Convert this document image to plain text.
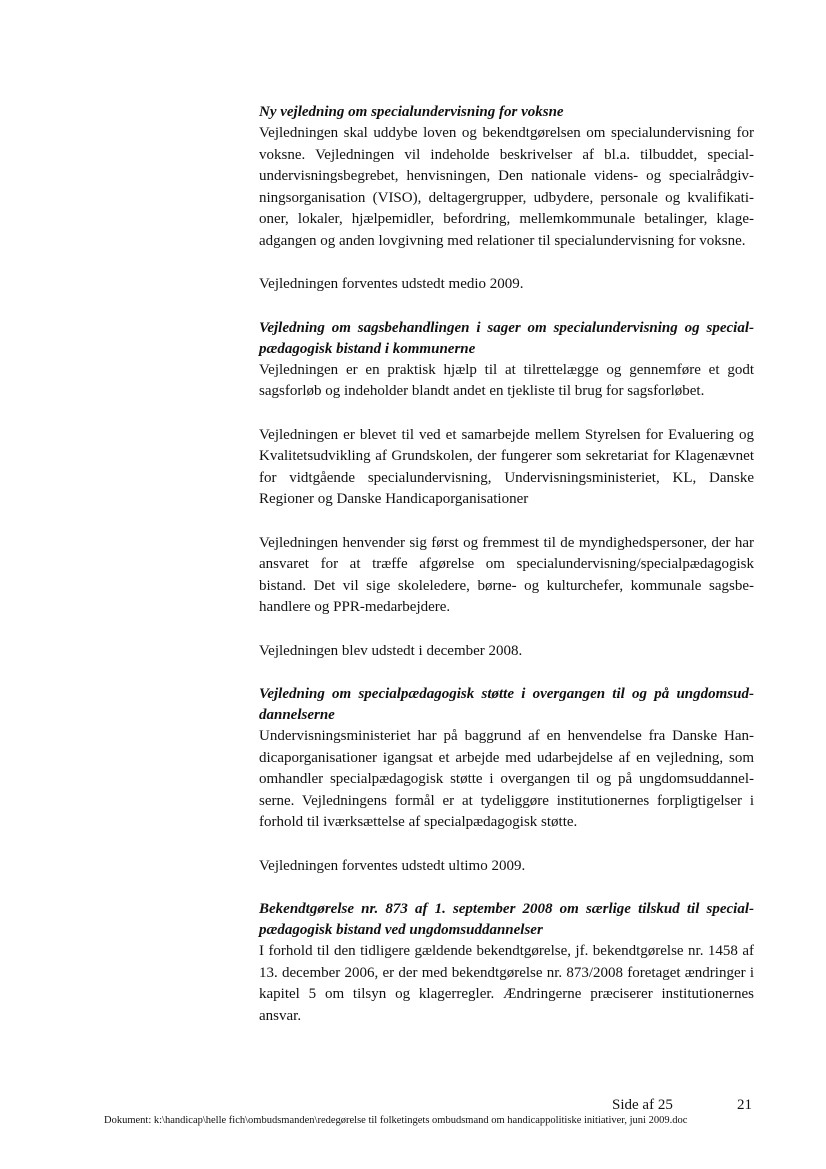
Ny vejledning om specialundervisning for voksne

Vejledningen skal uddybe loven og bekendtgørelsen om specialundervisning for voksne. Vejledningen vil indeholde beskrivelser af bl.a. tilbuddet, specialundervisningsbegrebet, henvisningen, Den nationale videns- og specialrådgivningsorganisation (VISO), deltagergrupper, udbydere, personale og kvalifikationer, lokaler, hjælpemidler, befordring, mellemkommunale betalinger, klageadgangen og anden lovgivning med relationer til specialundervisning for voksne.

Vejledningen forventes udstedt medio 2009.

Vejledning om sagsbehandlingen i sager om specialundervisning og specialpædagogisk bistand i kommunerne

Vejledningen er en praktisk hjælp til at tilrettelægge og gennemføre et godt sagsforløb og indeholder blandt andet en tjekliste til brug for sagsforløbet.

Vejledningen er blevet til ved et samarbejde mellem Styrelsen for Evaluering og Kvalitetsudvikling af Grundskolen, der fungerer som sekretariat for Klagenævnet for vidtgående specialundervisning, Undervisningsministeriet, KL, Danske Regioner og Danske Handicaporganisationer

Vejledningen henvender sig først og fremmest til de myndighedspersoner, der har ansvaret for at træffe afgørelse om specialundervisning/specialpædagogisk bistand. Det vil sige skoleledere, børne- og kulturchefer, kommunale sagsbehandlere og PPR-medarbejdere.

Vejledningen blev udstedt i december 2008.

Vejledning om specialpædagogisk støtte i overgangen til og på ungdomsuddannelserne

Undervisningsministeriet har på baggrund af en henvendelse fra Danske Handicaporganisationer igangsat et arbejde med udarbejdelse af en vejledning, som omhandler specialpædagogisk støtte i overgangen til og på ungdomsuddannelserne. Vejledningens formål er at tydeliggøre institutionernes forpligtigelser i forhold til iværksættelse af specialpædagogisk støtte.

Vejledningen forventes udstedt ultimo 2009.

Bekendtgørelse nr. 873 af 1. september 2008 om særlige tilskud til specialpædagogisk bistand ved ungdomsuddannelser

I forhold til den tidligere gældende bekendtgørelse, jf. bekendtgørelse nr. 1458 af 13. december 2006, er der med bekendtgørelse nr. 873/2008 foretaget ændringer i kapitel 5 om tilsyn og klagerregler. Ændringerne præciserer institutionernes ansvar.

Side af 25	21
Dokument: k:\handicap\helle fich\ombudsmanden\redegørelse til folketingets ombudsmand om handicappolitiske initiativer, juni 2009.doc
